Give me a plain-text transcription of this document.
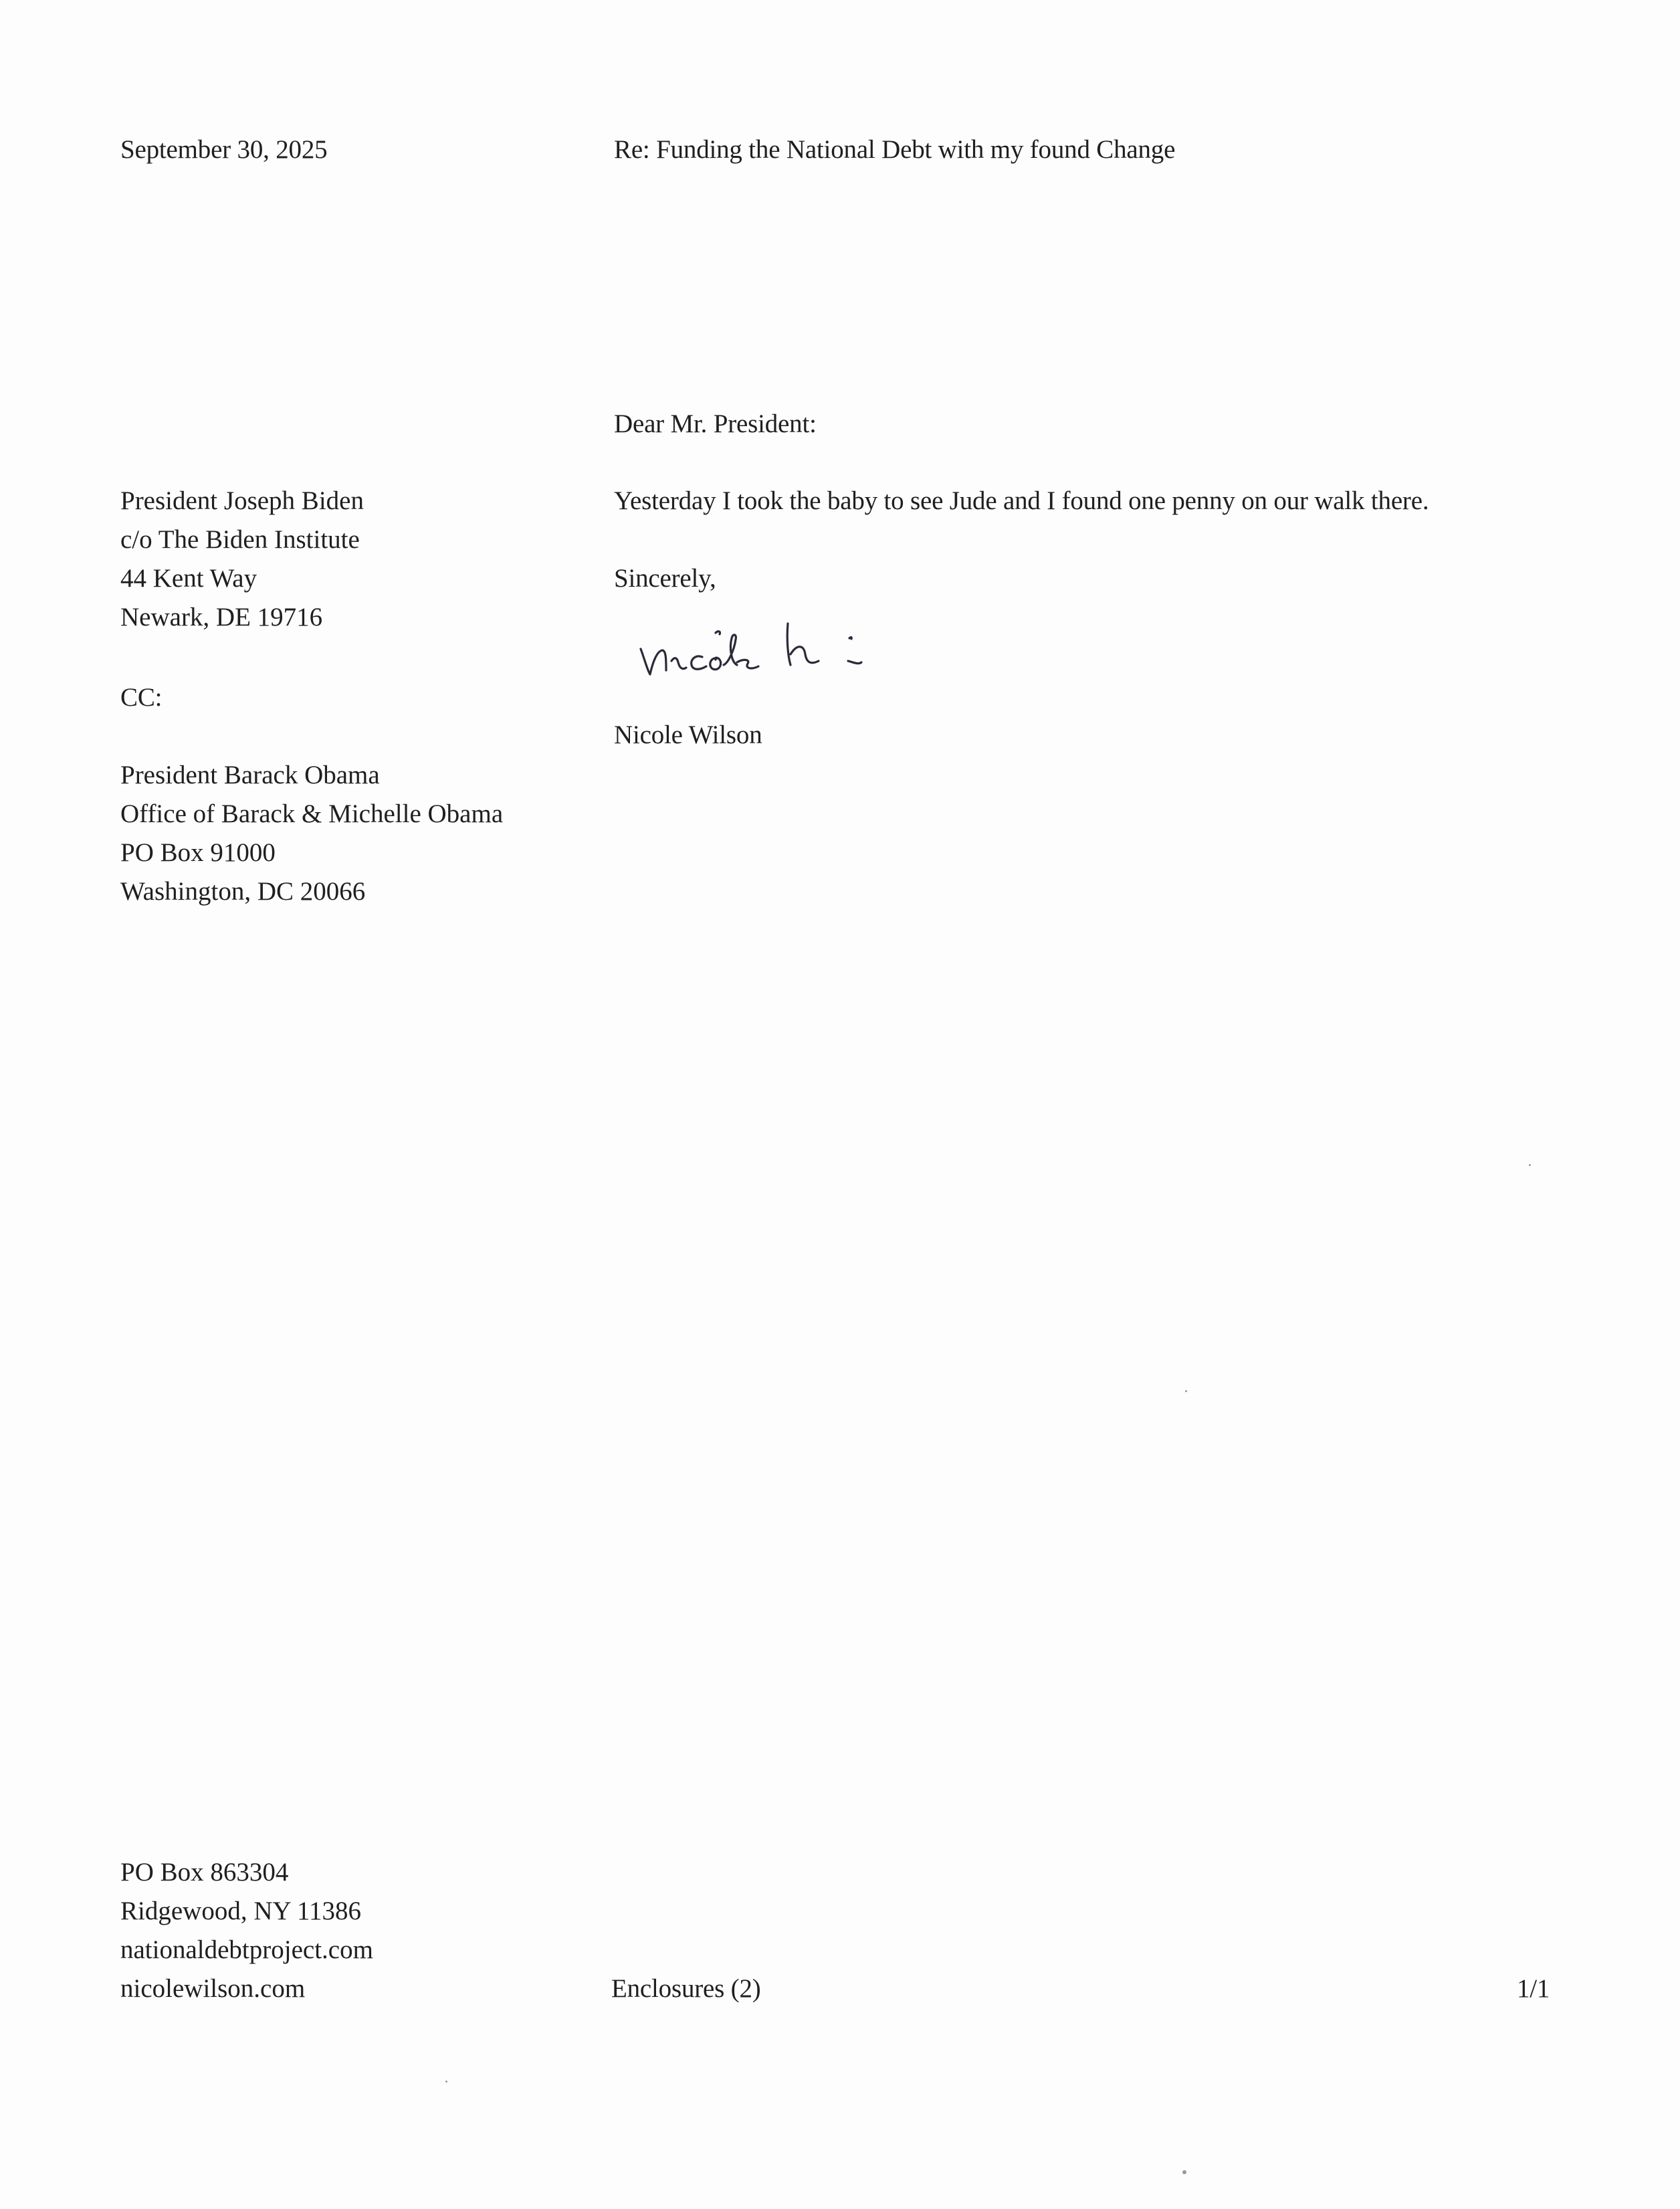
September 30, 2025	Re: Funding the National Debt with my found Change
Dear Mr. President:
President Joseph Biden
c/o The Biden Institute
44 Kent Way
Newark, DE 19716
Yesterday I took the baby to see Jude and I found one penny on our walk there.
Sincerely,
Nicole Wilson
CC:
President Barack Obama
Office of Barack & Michelle Obama
PO Box 91000
Washington, DC 20066
PO Box 863304
Ridgewood, NY 11386
nationaldebtproject.com
nicolewilson.com	Enclosures (2)	1/1
